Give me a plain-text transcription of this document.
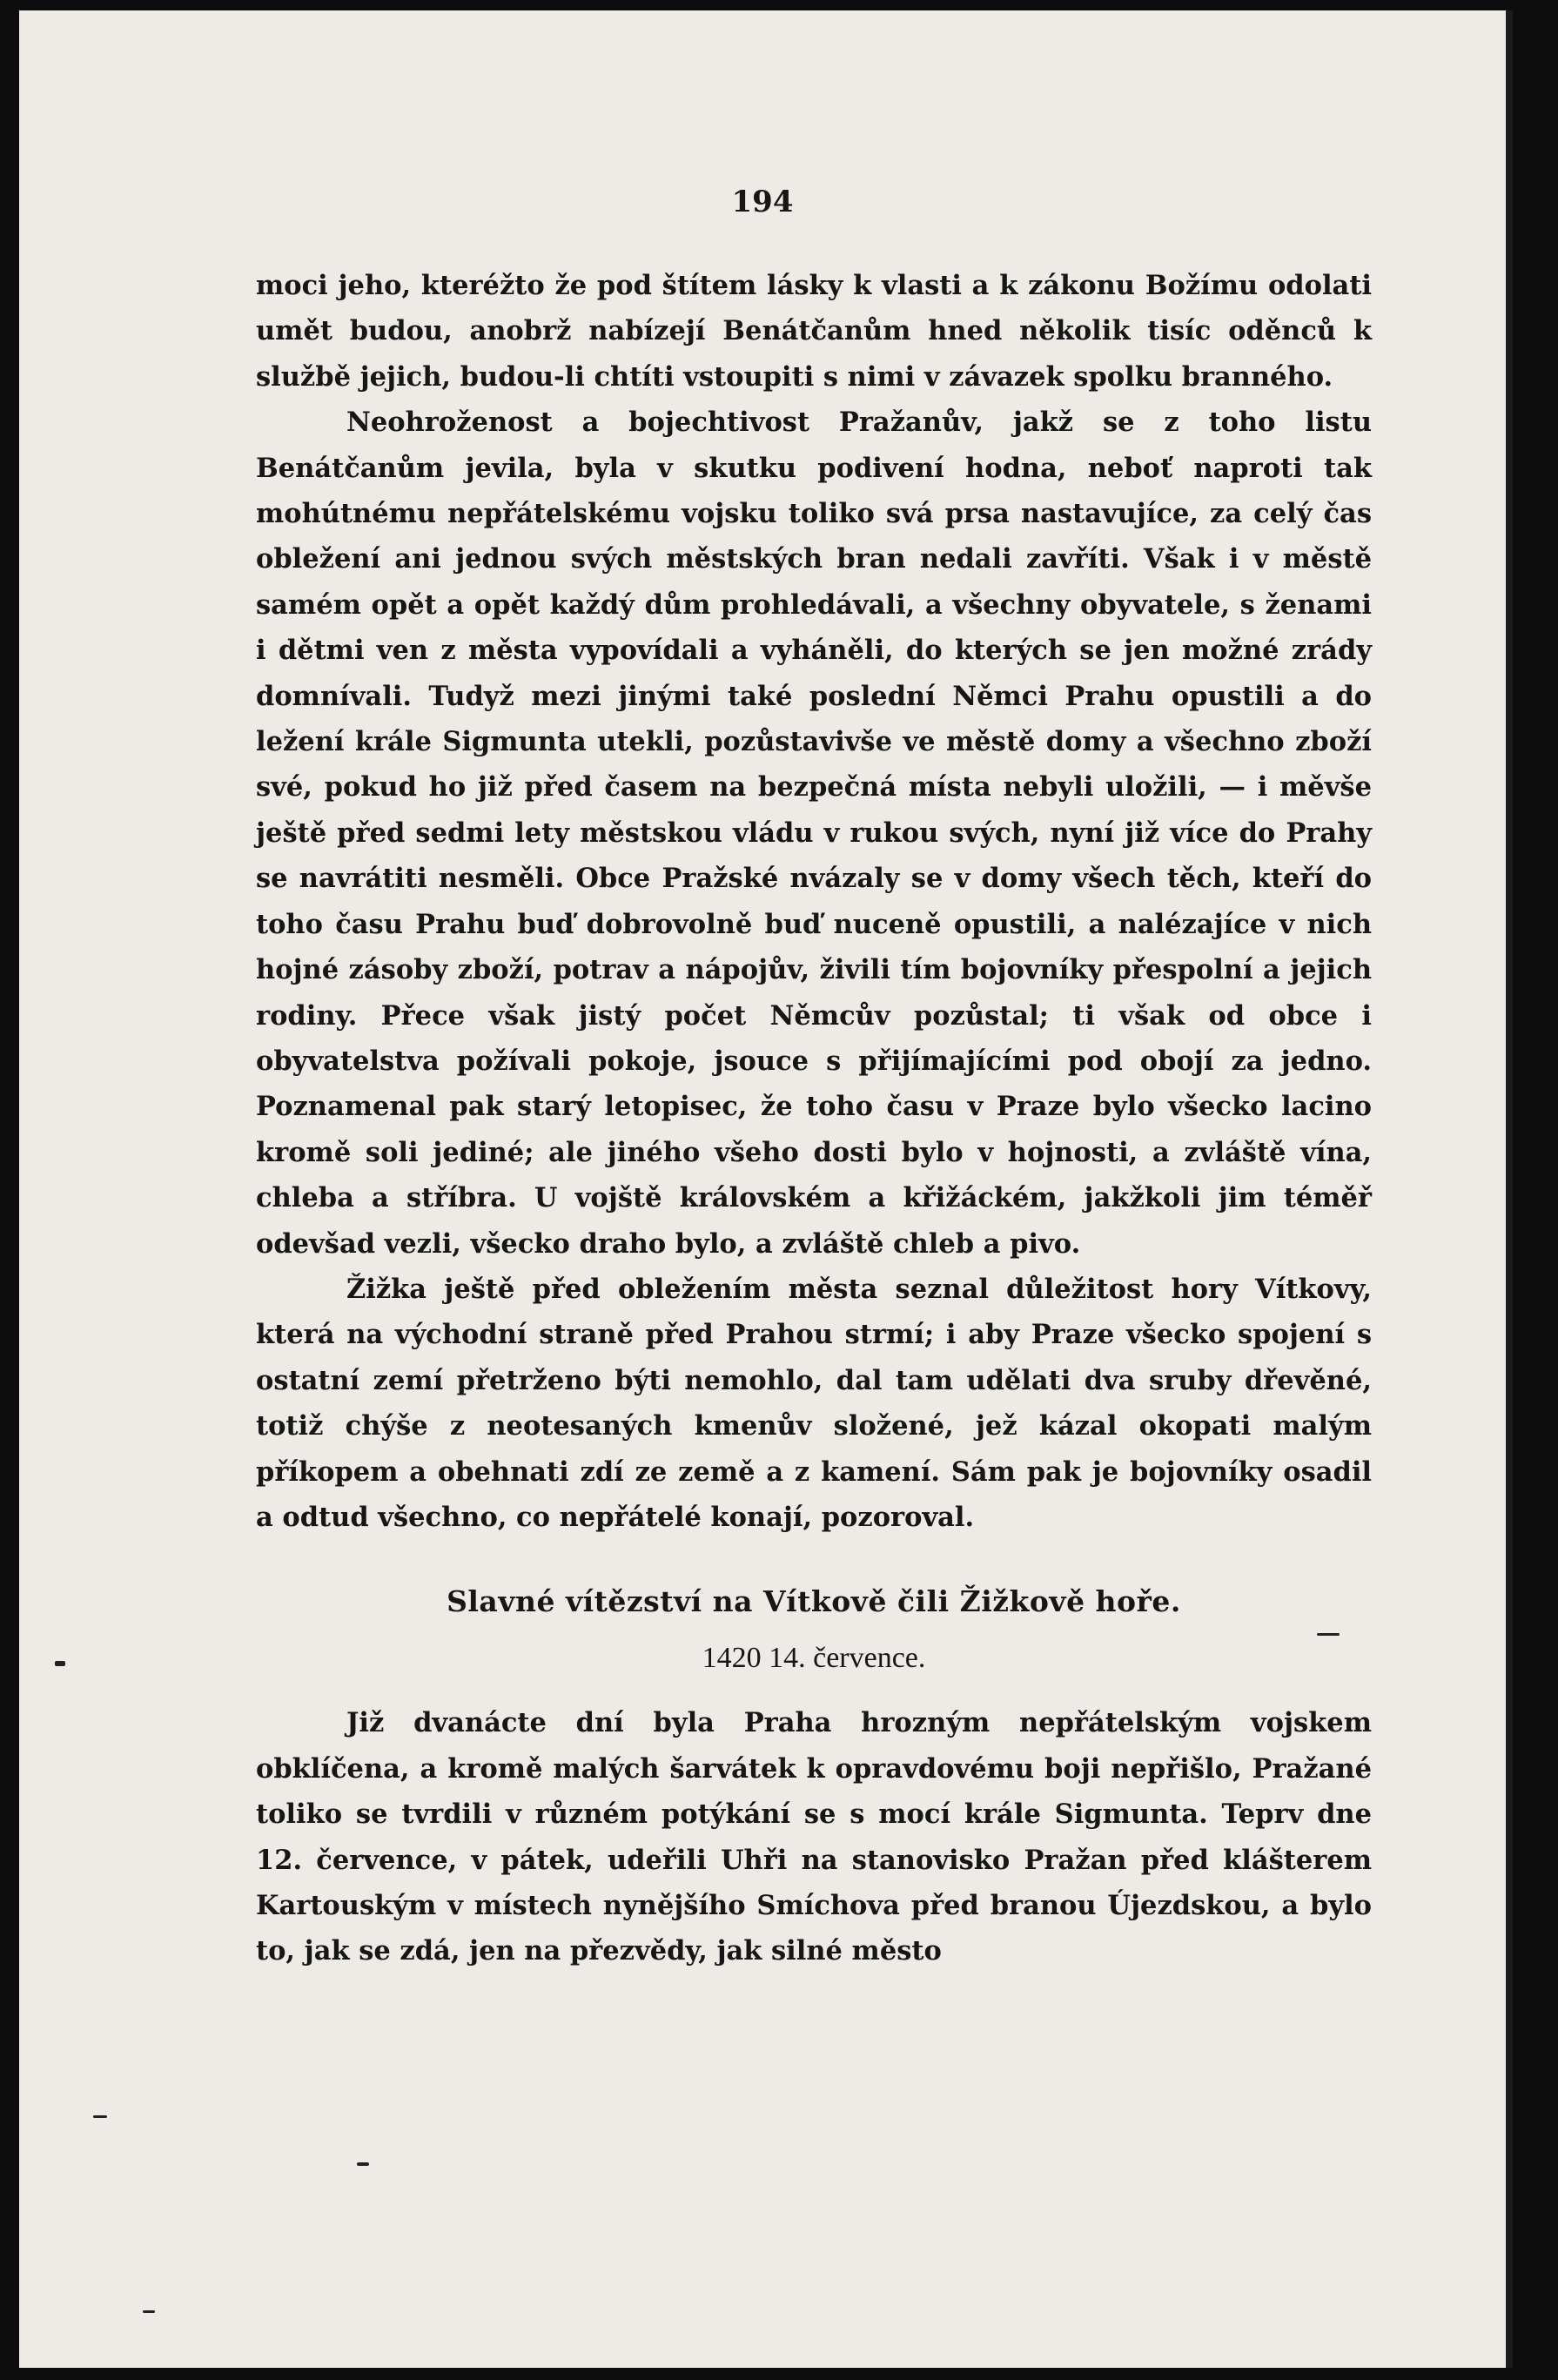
194

moci jeho, kteréžto že pod štítem lásky k vlasti a k zákonu Božímu odolati umět budou, anobrž nabízejí Benátčanům hned několik tisíc oděnců k službě jejich, budou-li chtíti vstoupiti s nimi v závazek spolku branného.

Neohroženost a bojechtivost Pražanův, jakž se z toho listu Benátčanům jevila, byla v skutku podivení hodna, neboť naproti tak mohútnému nepřátelskému vojsku toliko svá prsa nastavujíce, za celý čas obležení ani jednou svých městských bran nedali zavříti. Však i v městě samém opět a opět každý dům prohledávali, a všechny obyvatele, s ženami i dětmi ven z města vypovídali a vyháněli, do kterých se jen možné zrády domnívali. Tudyž mezi jinými také poslední Němci Prahu opustili a do ležení krále Sigmunta utekli, pozůstavivše ve městě domy a všechno zboží své, pokud ho již před časem na bezpečná místa nebyli uložili, — i měvše ještě před sedmi lety městskou vládu v rukou svých, nyní již více do Prahy se navrátiti nesměli. Obce Pražské nvázaly se v domy všech těch, kteří do toho času Prahu buď dobrovolně buď nuceně opustili, a nalézajíce v nich hojné zásoby zboží, potrav a nápojův, živili tím bojovníky přespolní a jejich rodiny. Přece však jistý počet Němcův pozůstal; ti však od obce i obyvatelstva požívali pokoje, jsouce s přijímajícími pod obojí za jedno. Poznamenal pak starý letopisec, že toho času v Praze bylo všecko lacino kromě soli jediné; ale jiného všeho dosti bylo v hojnosti, a zvláště vína, chleba a stříbra. U vojště královském a křižáckém, jakžkoli jim téměř odevšad vezli, všecko draho bylo, a zvláště chleb a pivo.

Žižka ještě před obležením města seznal důležitost hory Vítkovy, která na východní straně před Prahou strmí; i aby Praze všecko spojení s ostatní zemí přetrženo býti nemohlo, dal tam udělati dva sruby dřevěné, totiž chýše z neotesaných kmenův složené, jež kázal okopati malým příkopem a obehnati zdí ze země a z kamení. Sám pak je bojovníky osadil a odtud všechno, co nepřátelé konají, pozoroval.

Slavné vítězství na Vítkově čili Žižkově hoře.
1420 14. července.

Již dvanácte dní byla Praha hrozným nepřátelským vojskem obklíčena, a kromě malých šarvátek k opravdovému boji nepřišlo, Pražané toliko se tvrdili v různém potýkání se s mocí krále Sigmunta. Teprv dne 12. července, v pátek, udeřili Uhři na stanovisko Pražan před klášterem Kartouským v místech nynějšího Smíchova před branou Újezdskou, a bylo to, jak se zdá, jen na přezvědy, jak silné město
